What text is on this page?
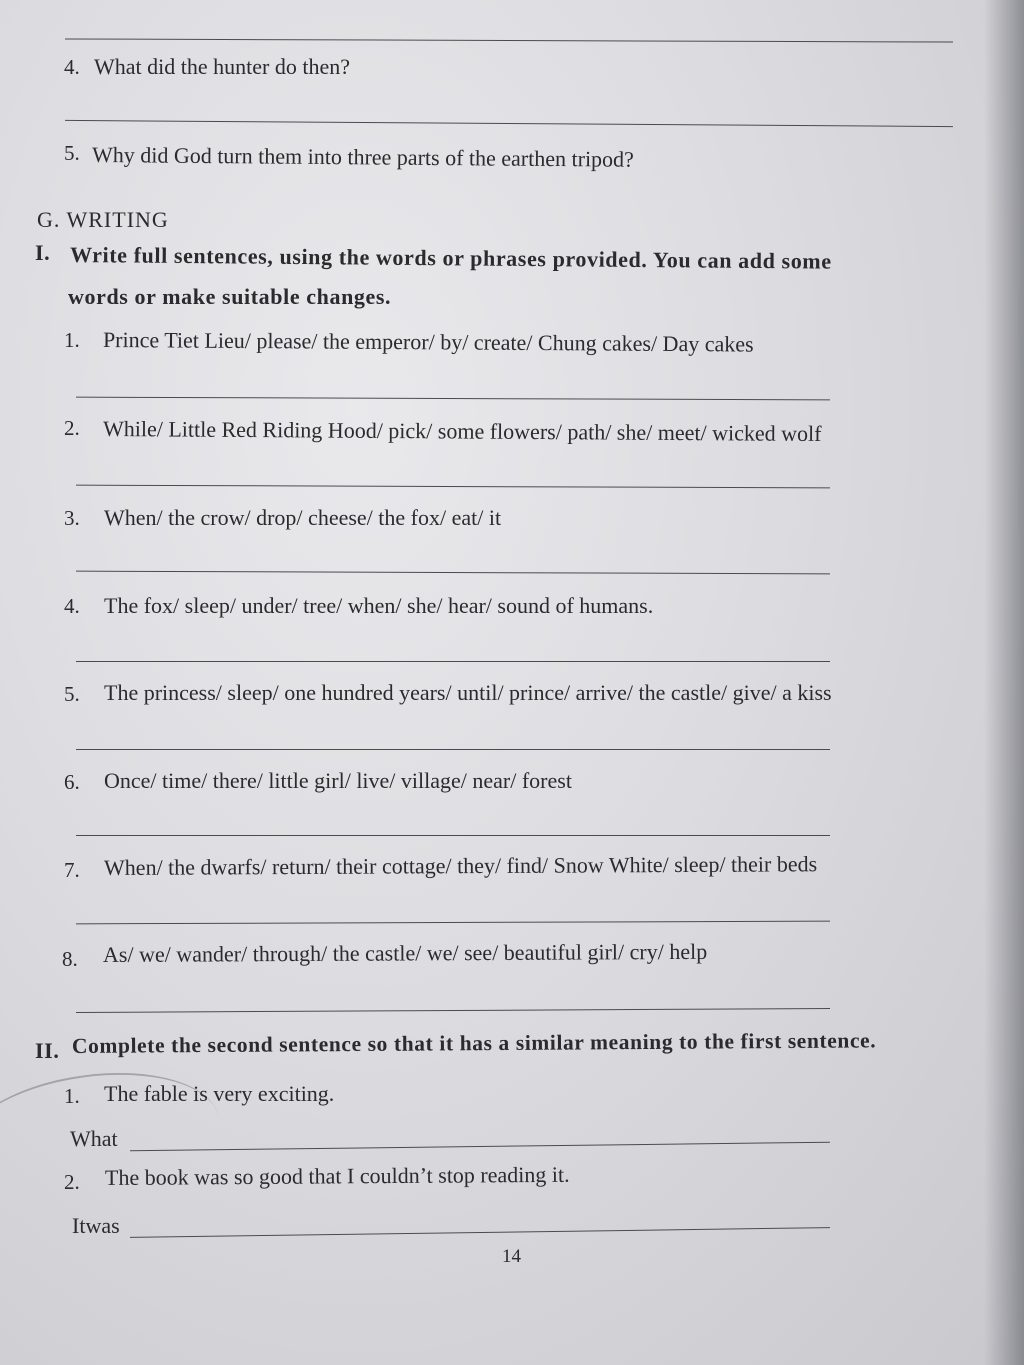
4. What did the hunter do then?
5. Why did God turn them into three parts of the earthen tripod?
G. WRITING
I. Write full sentences, using the words or phrases provided. You can add some
words or make suitable changes.
1. Prince Tiet Lieu/ please/ the emperor/ by/ create/ Chung cakes/ Day cakes
2. While/ Little Red Riding Hood/ pick/ some flowers/ path/ she/ meet/ wicked wolf
3. When/ the crow/ drop/ cheese/ the fox/ eat/ it
4. The fox/ sleep/ under/ tree/ when/ she/ hear/ sound of humans.
5. The princess/ sleep/ one hundred years/ until/ prince/ arrive/ the castle/ give/ a kiss
6. Once/ time/ there/ little girl/ live/ village/ near/ forest
7. When/ the dwarfs/ return/ their cottage/ they/ find/ Snow White/ sleep/ their beds
8. As/ we/ wander/ through/ the castle/ we/ see/ beautiful girl/ cry/ help
II. Complete the second sentence so that it has a similar meaning to the first sentence.
1. The fable is very exciting.
What
2. The book was so good that I couldn’t stop reading it.
Itwas
14
